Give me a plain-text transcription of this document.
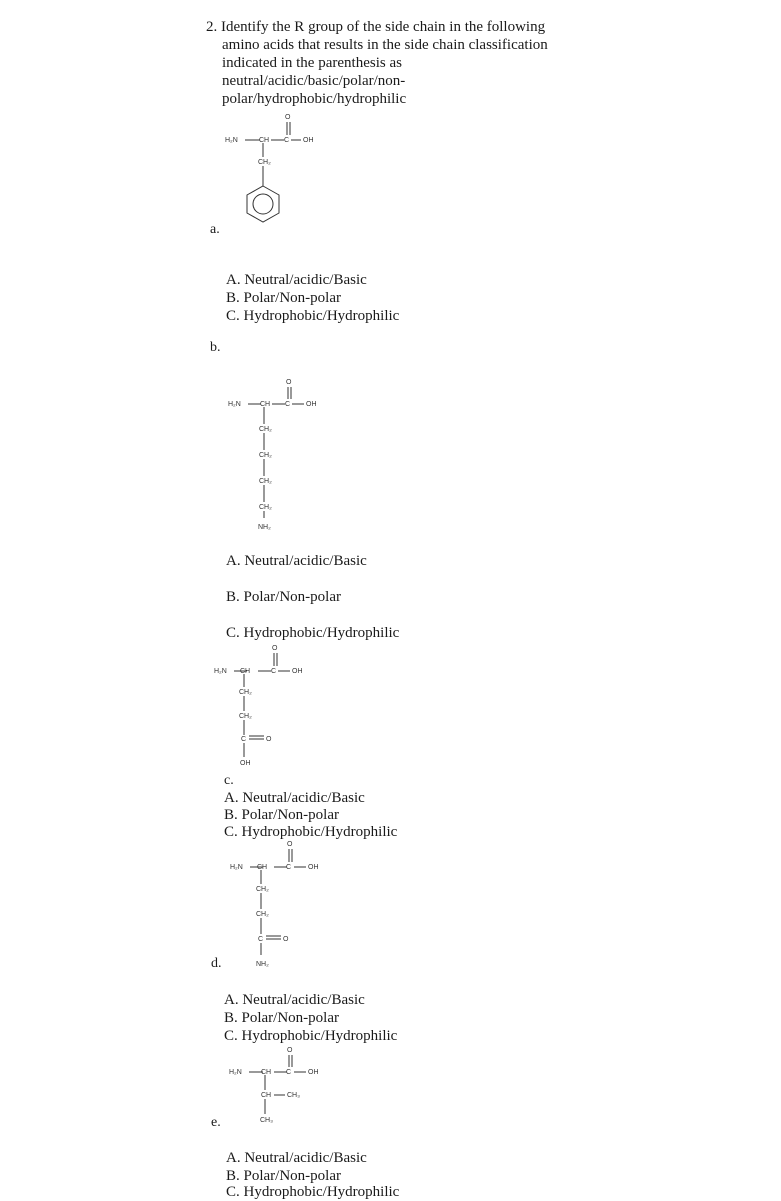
2. Identify the R group of the side chain in the following
amino acids that results in the side chain classification
indicated in the parenthesis as
neutral/acidic/basic/polar/non-
polar/hydrophobic/hydrophilic
H₂N	CH C
O
OH
CH₂
a.
A. Neutral/acidic/Basic
B. Polar/Non-polar
C. Hydrophobic/Hydrophilic
b.
H₂N	CH C
O
OH
CH₂
CH₂
CH₂
CH₂
NH₂
A. Neutral/acidic/Basic
B. Polar/Non-polar
C. Hydrophobic/Hydrophilic
H₂N CH	C
O
OH
CH₂
CH₂
C	O
OH
c.
A. Neutral/acidic/Basic
B. Polar/Non-polar
C. Hydrophobic/Hydrophilic
H₂N CH	C
O
OH
CH₂
CH₂
C	O
NH₂
d.
A. Neutral/acidic/Basic
B. Polar/Non-polar
C. Hydrophobic/Hydrophilic
H₂N	CH C
O
OH
CH CH₃
CH₃
e.
A. Neutral/acidic/Basic
B. Polar/Non-polar
C. Hydrophobic/Hydrophilic
